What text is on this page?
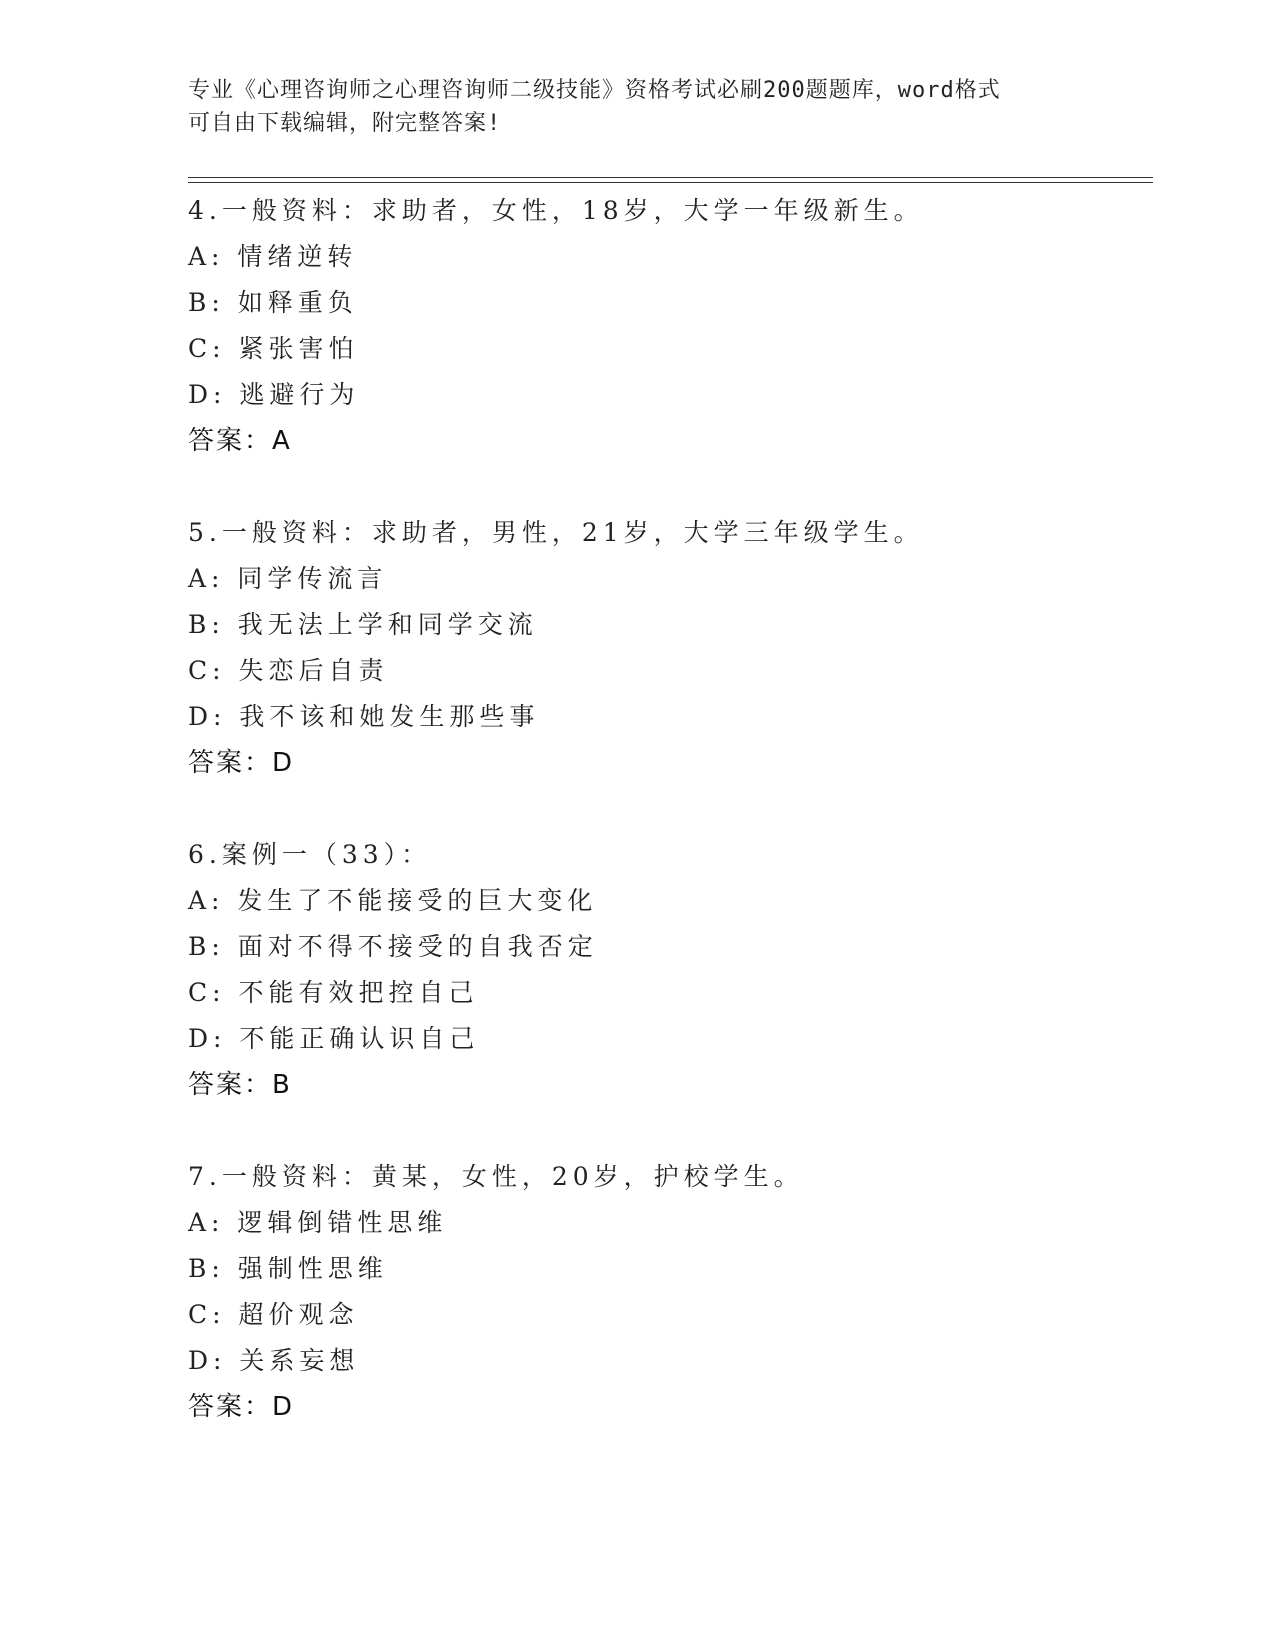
专业《心理咨询师之心理咨询师二级技能》资格考试必刷200题题库，word格式
可自由下载编辑，附完整答案!
4.一般资料：求助者，女性，18岁，大学一年级新生。
A: 情绪逆转
B: 如释重负
C: 紧张害怕
D: 逃避行为
答案：A
5.一般资料：求助者，男性，21岁，大学三年级学生。
A: 同学传流言
B: 我无法上学和同学交流
C: 失恋后自责
D: 我不该和她发生那些事
答案：D
6.案例一（33）：
A: 发生了不能接受的巨大变化
B: 面对不得不接受的自我否定
C: 不能有效把控自己
D: 不能正确认识自己
答案：B
7.一般资料：黄某，女性，20岁，护校学生。
A: 逻辑倒错性思维
B: 强制性思维
C: 超价观念
D: 关系妄想
答案：D
